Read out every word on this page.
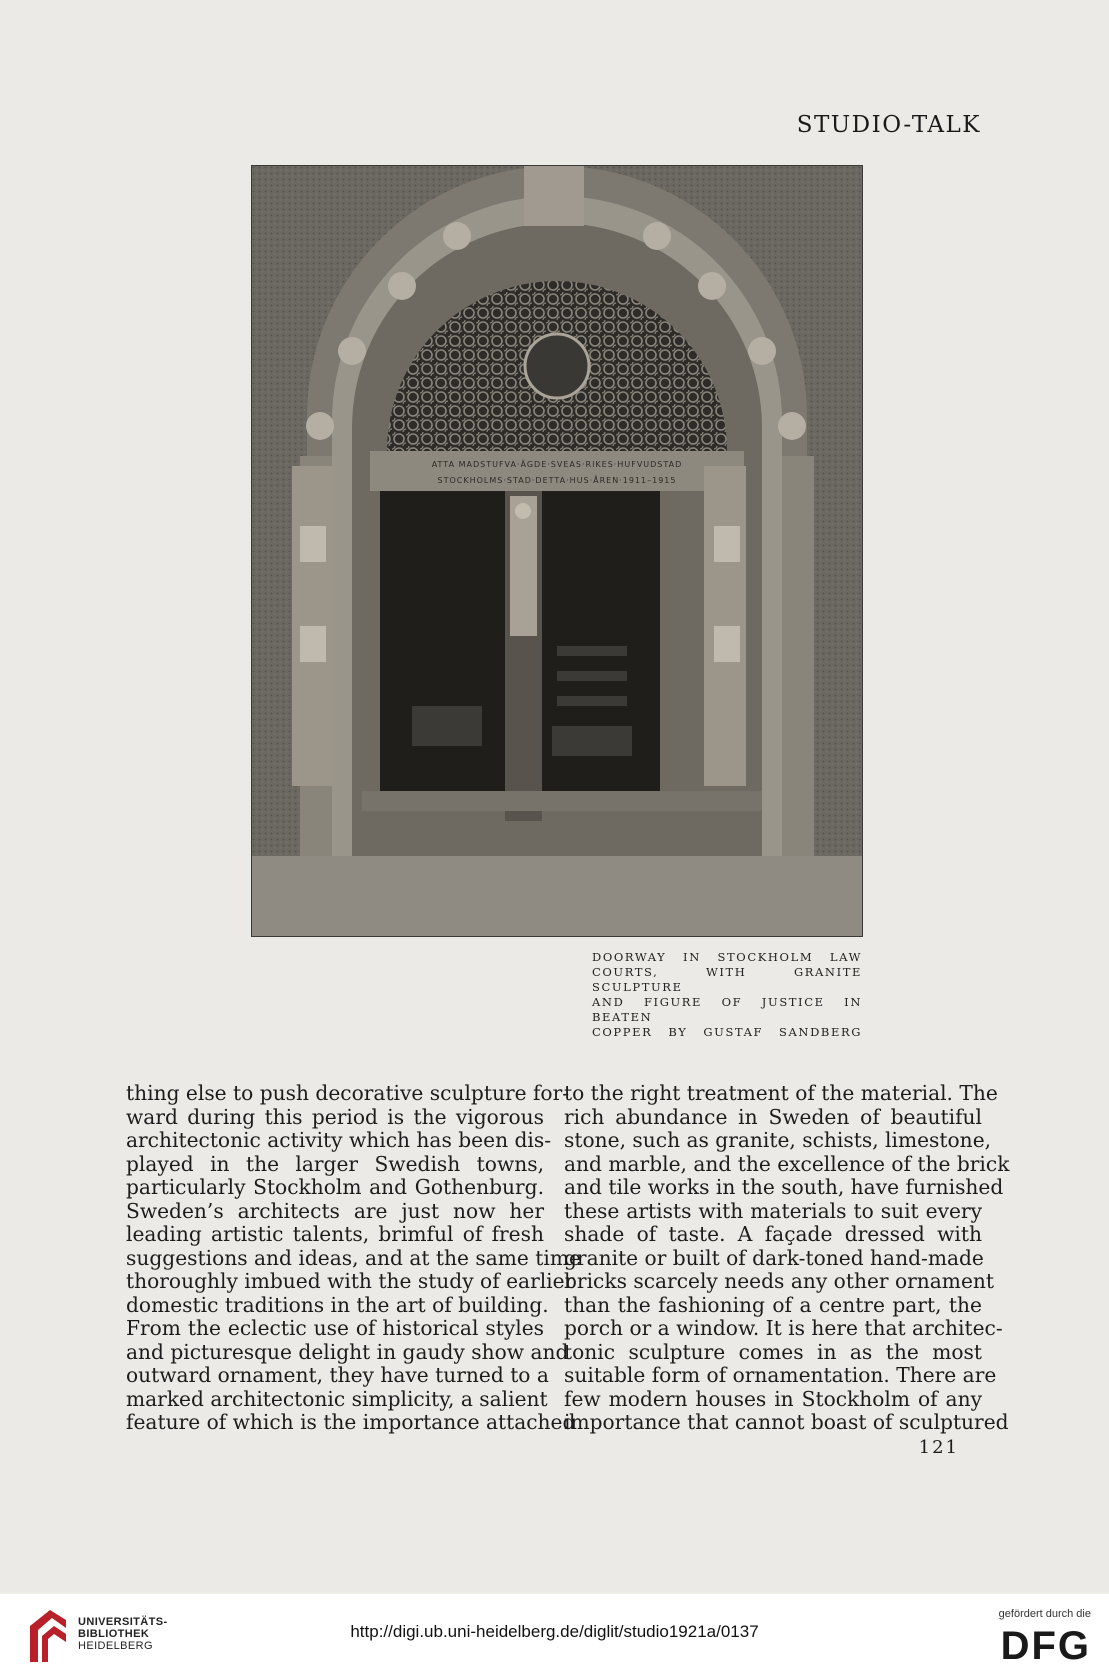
STUDIO-TALK
ATTA MADSTUFVA·ÄGDE·SVEAS·RIKES·HUFVUDSTAD
STOCKHOLMS·STAD·DETTA·HUS·ÅREN·1911–1915
DOORWAY IN STOCKHOLM LAW
COURTS, WITH GRANITE SCULPTURE
AND FIGURE OF JUSTICE IN BEATEN
COPPER BY GUSTAF SANDBERG
thing else to push decorative sculpture for-
ward during this period is the vigorous
architectonic activity which has been dis-
played in the larger Swedish towns,
particularly Stockholm and Gothenburg.
Sweden’s architects are just now her
leading artistic talents, brimful of fresh
suggestions and ideas, and at the same time
thoroughly imbued with the study of earlier
domestic traditions in the art of building.
From the eclectic use of historical styles
and picturesque delight in gaudy show and
outward ornament, they have turned to a
marked architectonic simplicity, a salient
feature of which is the importance attached
to the right treatment of the material. The
rich abundance in Sweden of beautiful
stone, such as granite, schists, limestone,
and marble, and the excellence of the brick
and tile works in the south, have furnished
these artists with materials to suit every
shade of taste. A façade dressed with
granite or built of dark-toned hand-made
bricks scarcely needs any other ornament
than the fashioning of a centre part, the
porch or a window. It is here that architec-
tonic sculpture comes in as the most
suitable form of ornamentation. There are
few modern houses in Stockholm of any
importance that cannot boast of sculptured
121
UNIVERSITÄTS-
BIBLIOTHEK
HEIDELBERG
http://digi.ub.uni-heidelberg.de/diglit/studio1921a/0137
gefördert durch die
DFG
